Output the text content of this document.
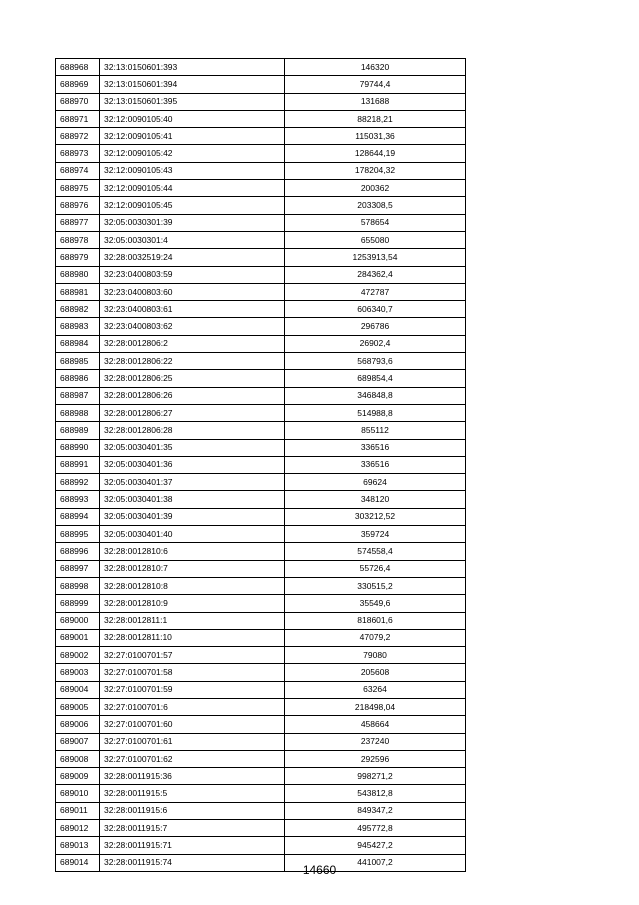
688968	32:13:0150601:393	146320
688969	32:13:0150601:394	79744,4
688970	32:13:0150601:395	131688
688971	32:12:0090105:40	88218,21
688972	32:12:0090105:41	115031,36
688973	32:12:0090105:42	128644,19
688974	32:12:0090105:43	178204,32
688975	32:12:0090105:44	200362
688976	32:12:0090105:45	203308,5
688977	32:05:0030301:39	578654
688978	32:05:0030301:4	655080
688979	32:28:0032519:24	1253913,54
688980	32:23:0400803:59	284362,4
688981	32:23:0400803:60	472787
688982	32:23:0400803:61	606340,7
688983	32:23:0400803:62	296786
688984	32:28:0012806:2	26902,4
688985	32:28:0012806:22	568793,6
688986	32:28:0012806:25	689854,4
688987	32:28:0012806:26	346848,8
688988	32:28:0012806:27	514988,8
688989	32:28:0012806:28	855112
688990	32:05:0030401:35	336516
688991	32:05:0030401:36	336516
688992	32:05:0030401:37	69624
688993	32:05:0030401:38	348120
688994	32:05:0030401:39	303212,52
688995	32:05:0030401:40	359724
688996	32:28:0012810:6	574558,4
688997	32:28:0012810:7	55726,4
688998	32:28:0012810:8	330515,2
688999	32:28:0012810:9	35549,6
689000	32:28:0012811:1	818601,6
689001	32:28:0012811:10	47079,2
689002	32:27:0100701:57	79080
689003	32:27:0100701:58	205608
689004	32:27:0100701:59	63264
689005	32:27:0100701:6	218498,04
689006	32:27:0100701:60	458664
689007	32:27:0100701:61	237240
689008	32:27:0100701:62	292596
689009	32:28:0011915:36	998271,2
689010	32:28:0011915:5	543812,8
689011	32:28:0011915:6	849347,2
689012	32:28:0011915:7	495772,8
689013	32:28:0011915:71	945427,2
689014	32:28:0011915:74	441007,2
14660
